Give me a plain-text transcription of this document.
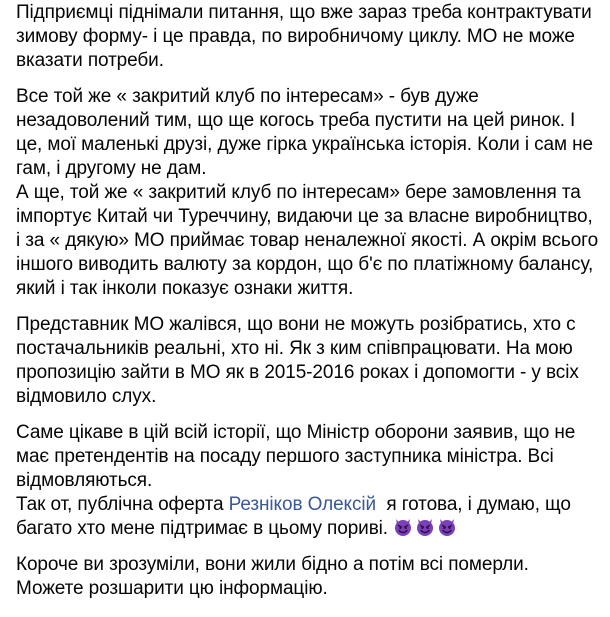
Підприємці піднімали питання, що вже зараз треба контрактувати
зимову форму- і це правда, по виробничому циклу. МО не може
вказати потреби.

Все той же « закритий клуб по інтересам» - був дуже
незадоволений тим, що ще когось треба пустити на цей ринок. І
це, мої маленькі друзі, дуже гірка українська історія. Коли і сам не
гам, і другому не дам.
А ще, той же « закритий клуб по інтересам» бере замовлення та
імпортує Китай чи Туреччину, видаючи це за власне виробництво,
і за « дякую» МО приймає товар неналежної якості. А окрім всього
іншого виводить валюту за кордон, що б'є по платіжному балансу,
який і так інколи показує ознаки життя.

Представник МО жалівся, що вони не можуть розібратись, хто с
постачальників реальні, хто ні. Як з ким співпрацювати. На мою
пропозицію зайти в МО як в 2015-2016 роках і допомогти - у всіх
відмовило слух.

Саме цікаве в цій всій історії, що Міністр оборони заявив, що не
має претендентів на посаду першого заступника міністра. Всі
відмовляються.
Так от, публічна оферта Резніков Олексій  я готова, і думаю, що
багато хто мене підтримає в цьому пориві.

Короче ви зрозуміли, вони жили бідно а потім всі померли.
Можете розшарити цю інформацію.
